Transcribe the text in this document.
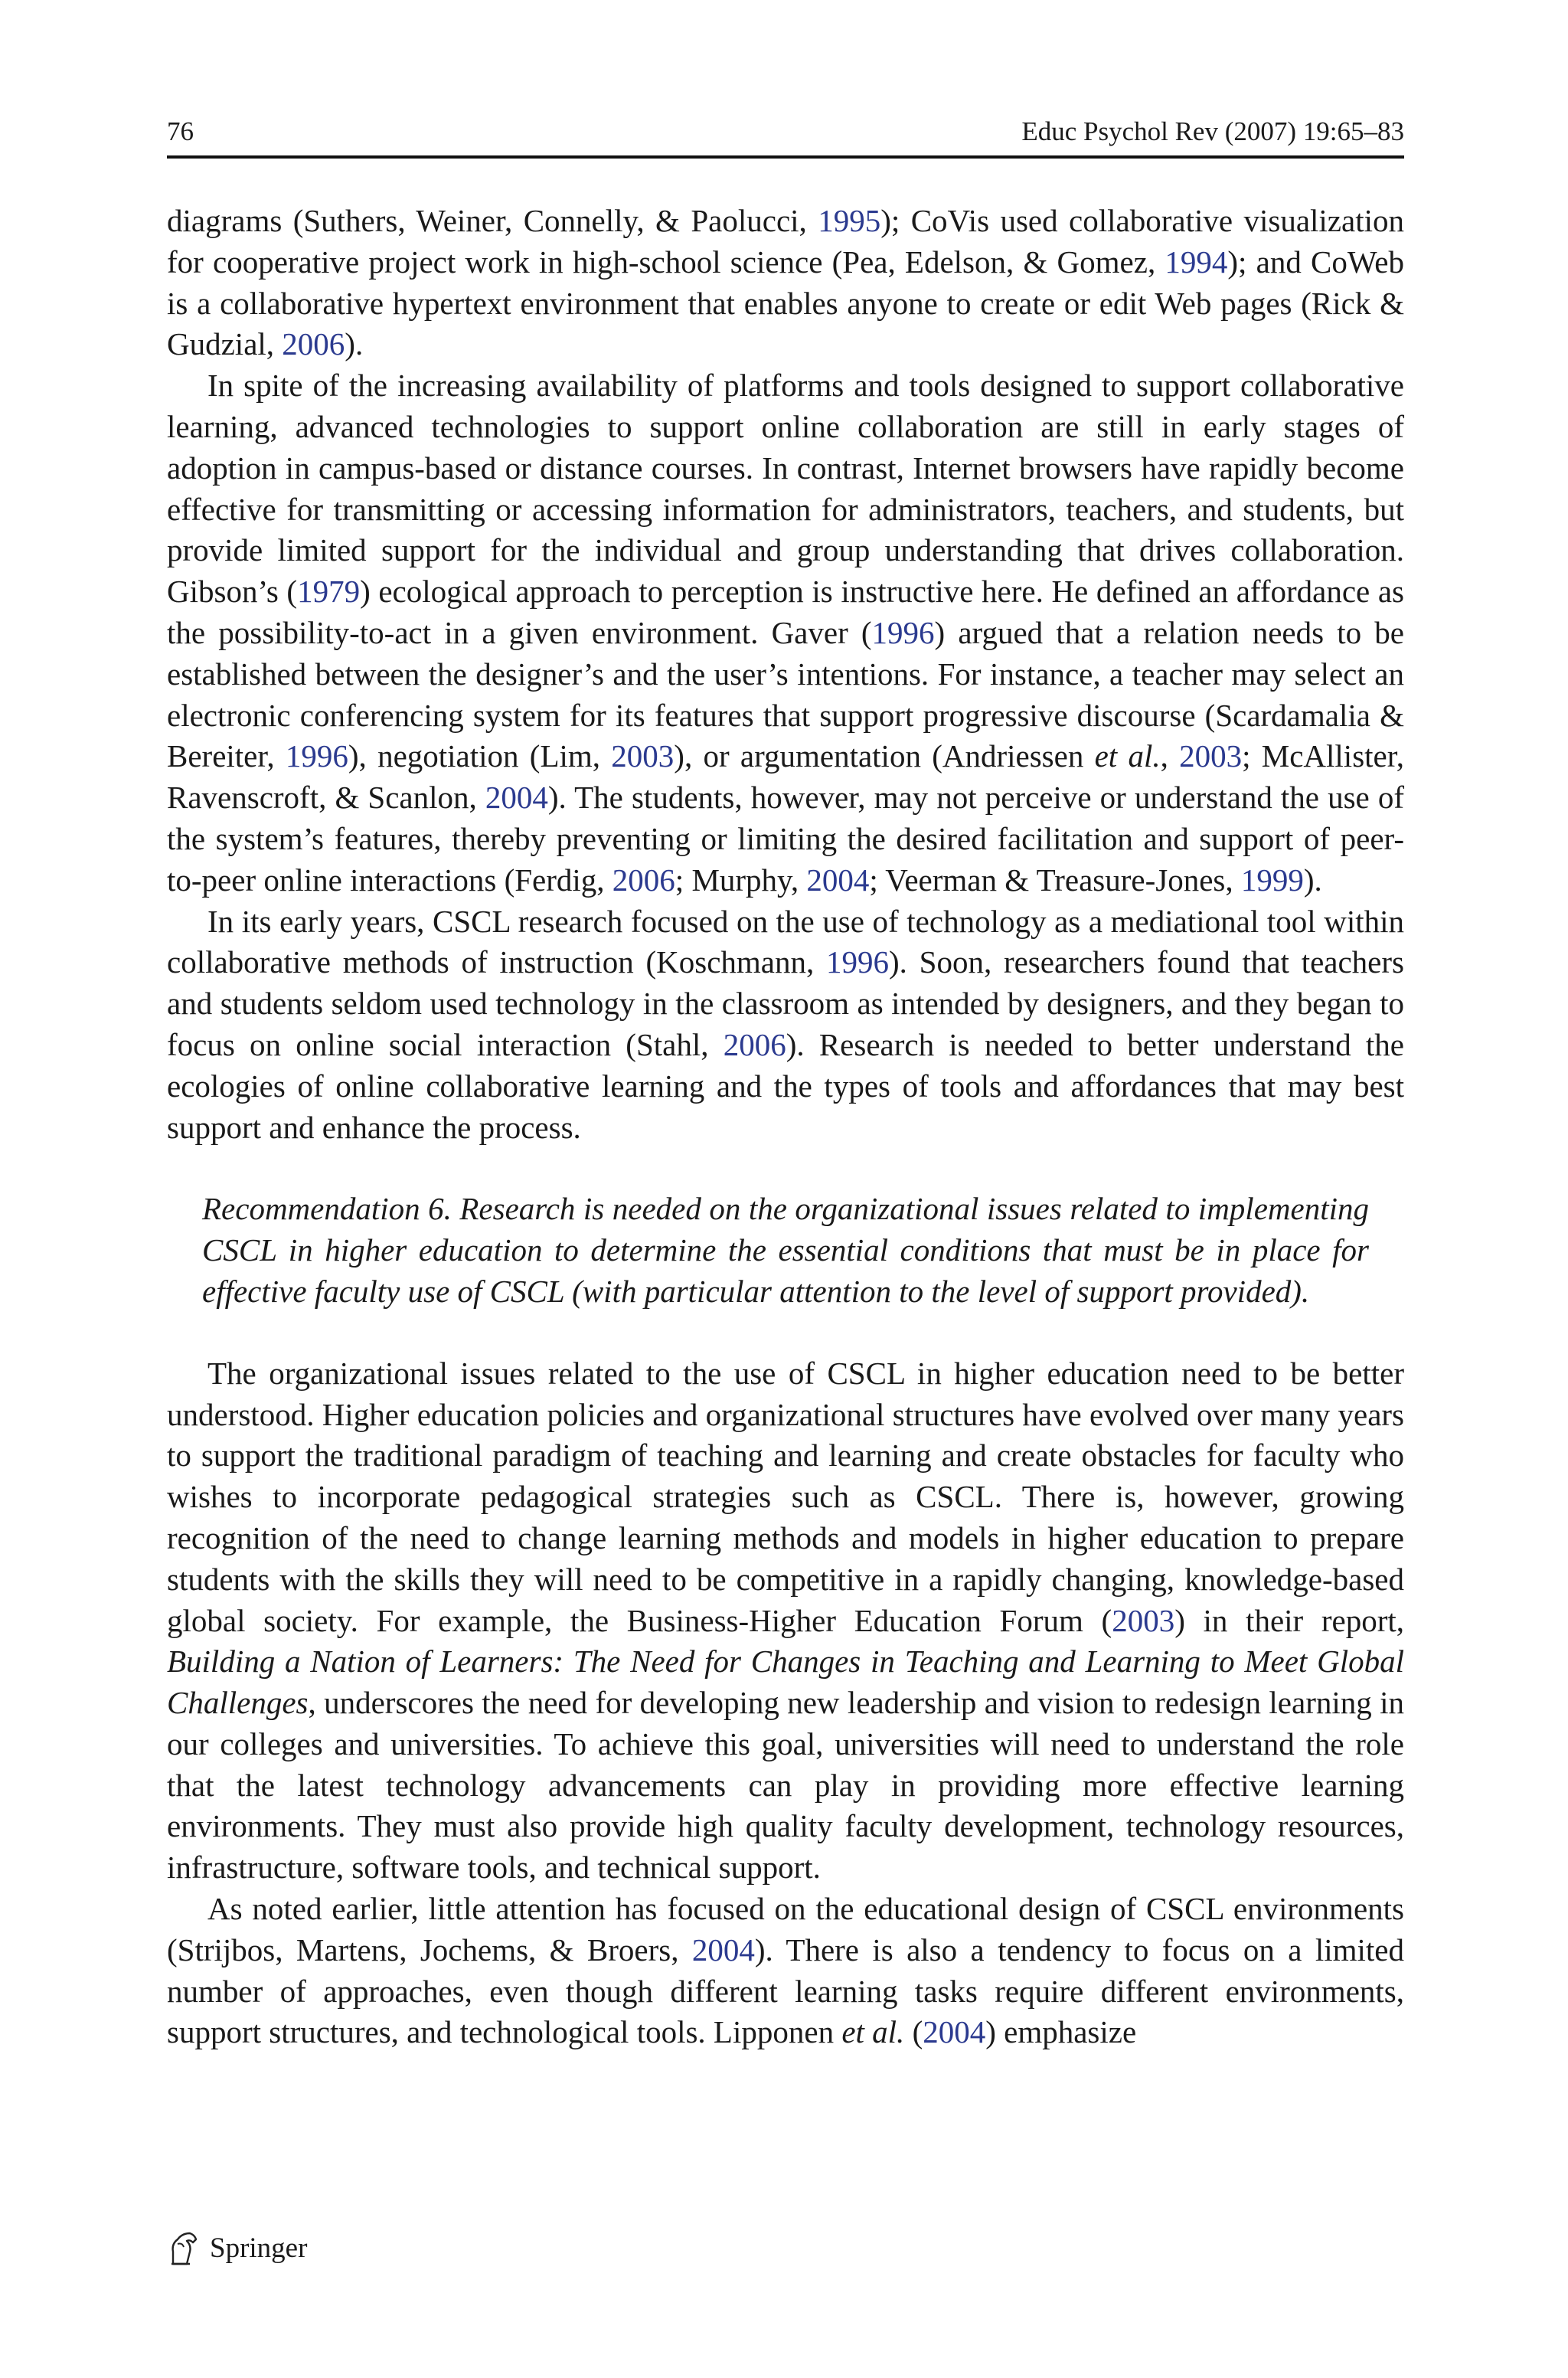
76	Educ Psychol Rev (2007) 19:65–83

diagrams (Suthers, Weiner, Connelly, & Paolucci, 1995); CoVis used collaborative visualization for cooperative project work in high-school science (Pea, Edelson, & Gomez, 1994); and CoWeb is a collaborative hypertext environment that enables anyone to create or edit Web pages (Rick & Gudzial, 2006).

In spite of the increasing availability of platforms and tools designed to support collaborative learning, advanced technologies to support online collaboration are still in early stages of adoption in campus-based or distance courses. In contrast, Internet browsers have rapidly become effective for transmitting or accessing information for administrators, teachers, and students, but provide limited support for the individual and group understanding that drives collaboration. Gibson’s (1979) ecological approach to perception is instructive here. He defined an affordance as the possibility-to-act in a given environment. Gaver (1996) argued that a relation needs to be established between the designer’s and the user’s intentions. For instance, a teacher may select an electronic conferencing system for its features that support progressive discourse (Scardamalia & Bereiter, 1996), negotiation (Lim, 2003), or argumentation (Andriessen et al., 2003; McAllister, Ravenscroft, & Scanlon, 2004). The students, however, may not perceive or understand the use of the system’s features, thereby preventing or limiting the desired facilitation and support of peer-to-peer online interactions (Ferdig, 2006; Murphy, 2004; Veerman & Treasure-Jones, 1999).

In its early years, CSCL research focused on the use of technology as a mediational tool within collaborative methods of instruction (Koschmann, 1996). Soon, researchers found that teachers and students seldom used technology in the classroom as intended by designers, and they began to focus on online social interaction (Stahl, 2006). Research is needed to better understand the ecologies of online collaborative learning and the types of tools and affordances that may best support and enhance the process.

Recommendation 6. Research is needed on the organizational issues related to implementing CSCL in higher education to determine the essential conditions that must be in place for effective faculty use of CSCL (with particular attention to the level of support provided).

The organizational issues related to the use of CSCL in higher education need to be better understood. Higher education policies and organizational structures have evolved over many years to support the traditional paradigm of teaching and learning and create obstacles for faculty who wishes to incorporate pedagogical strategies such as CSCL. There is, however, growing recognition of the need to change learning methods and models in higher education to prepare students with the skills they will need to be competitive in a rapidly changing, knowledge-based global society. For example, the Business-Higher Education Forum (2003) in their report, Building a Nation of Learners: The Need for Changes in Teaching and Learning to Meet Global Challenges, underscores the need for developing new leadership and vision to redesign learning in our colleges and universities. To achieve this goal, universities will need to understand the role that the latest technology advancements can play in providing more effective learning environments. They must also provide high quality faculty development, technology resources, infrastructure, software tools, and technical support.

As noted earlier, little attention has focused on the educational design of CSCL environments (Strijbos, Martens, Jochems, & Broers, 2004). There is also a tendency to focus on a limited number of approaches, even though different learning tasks require different environments, support structures, and technological tools. Lipponen et al. (2004) emphasize

Springer
